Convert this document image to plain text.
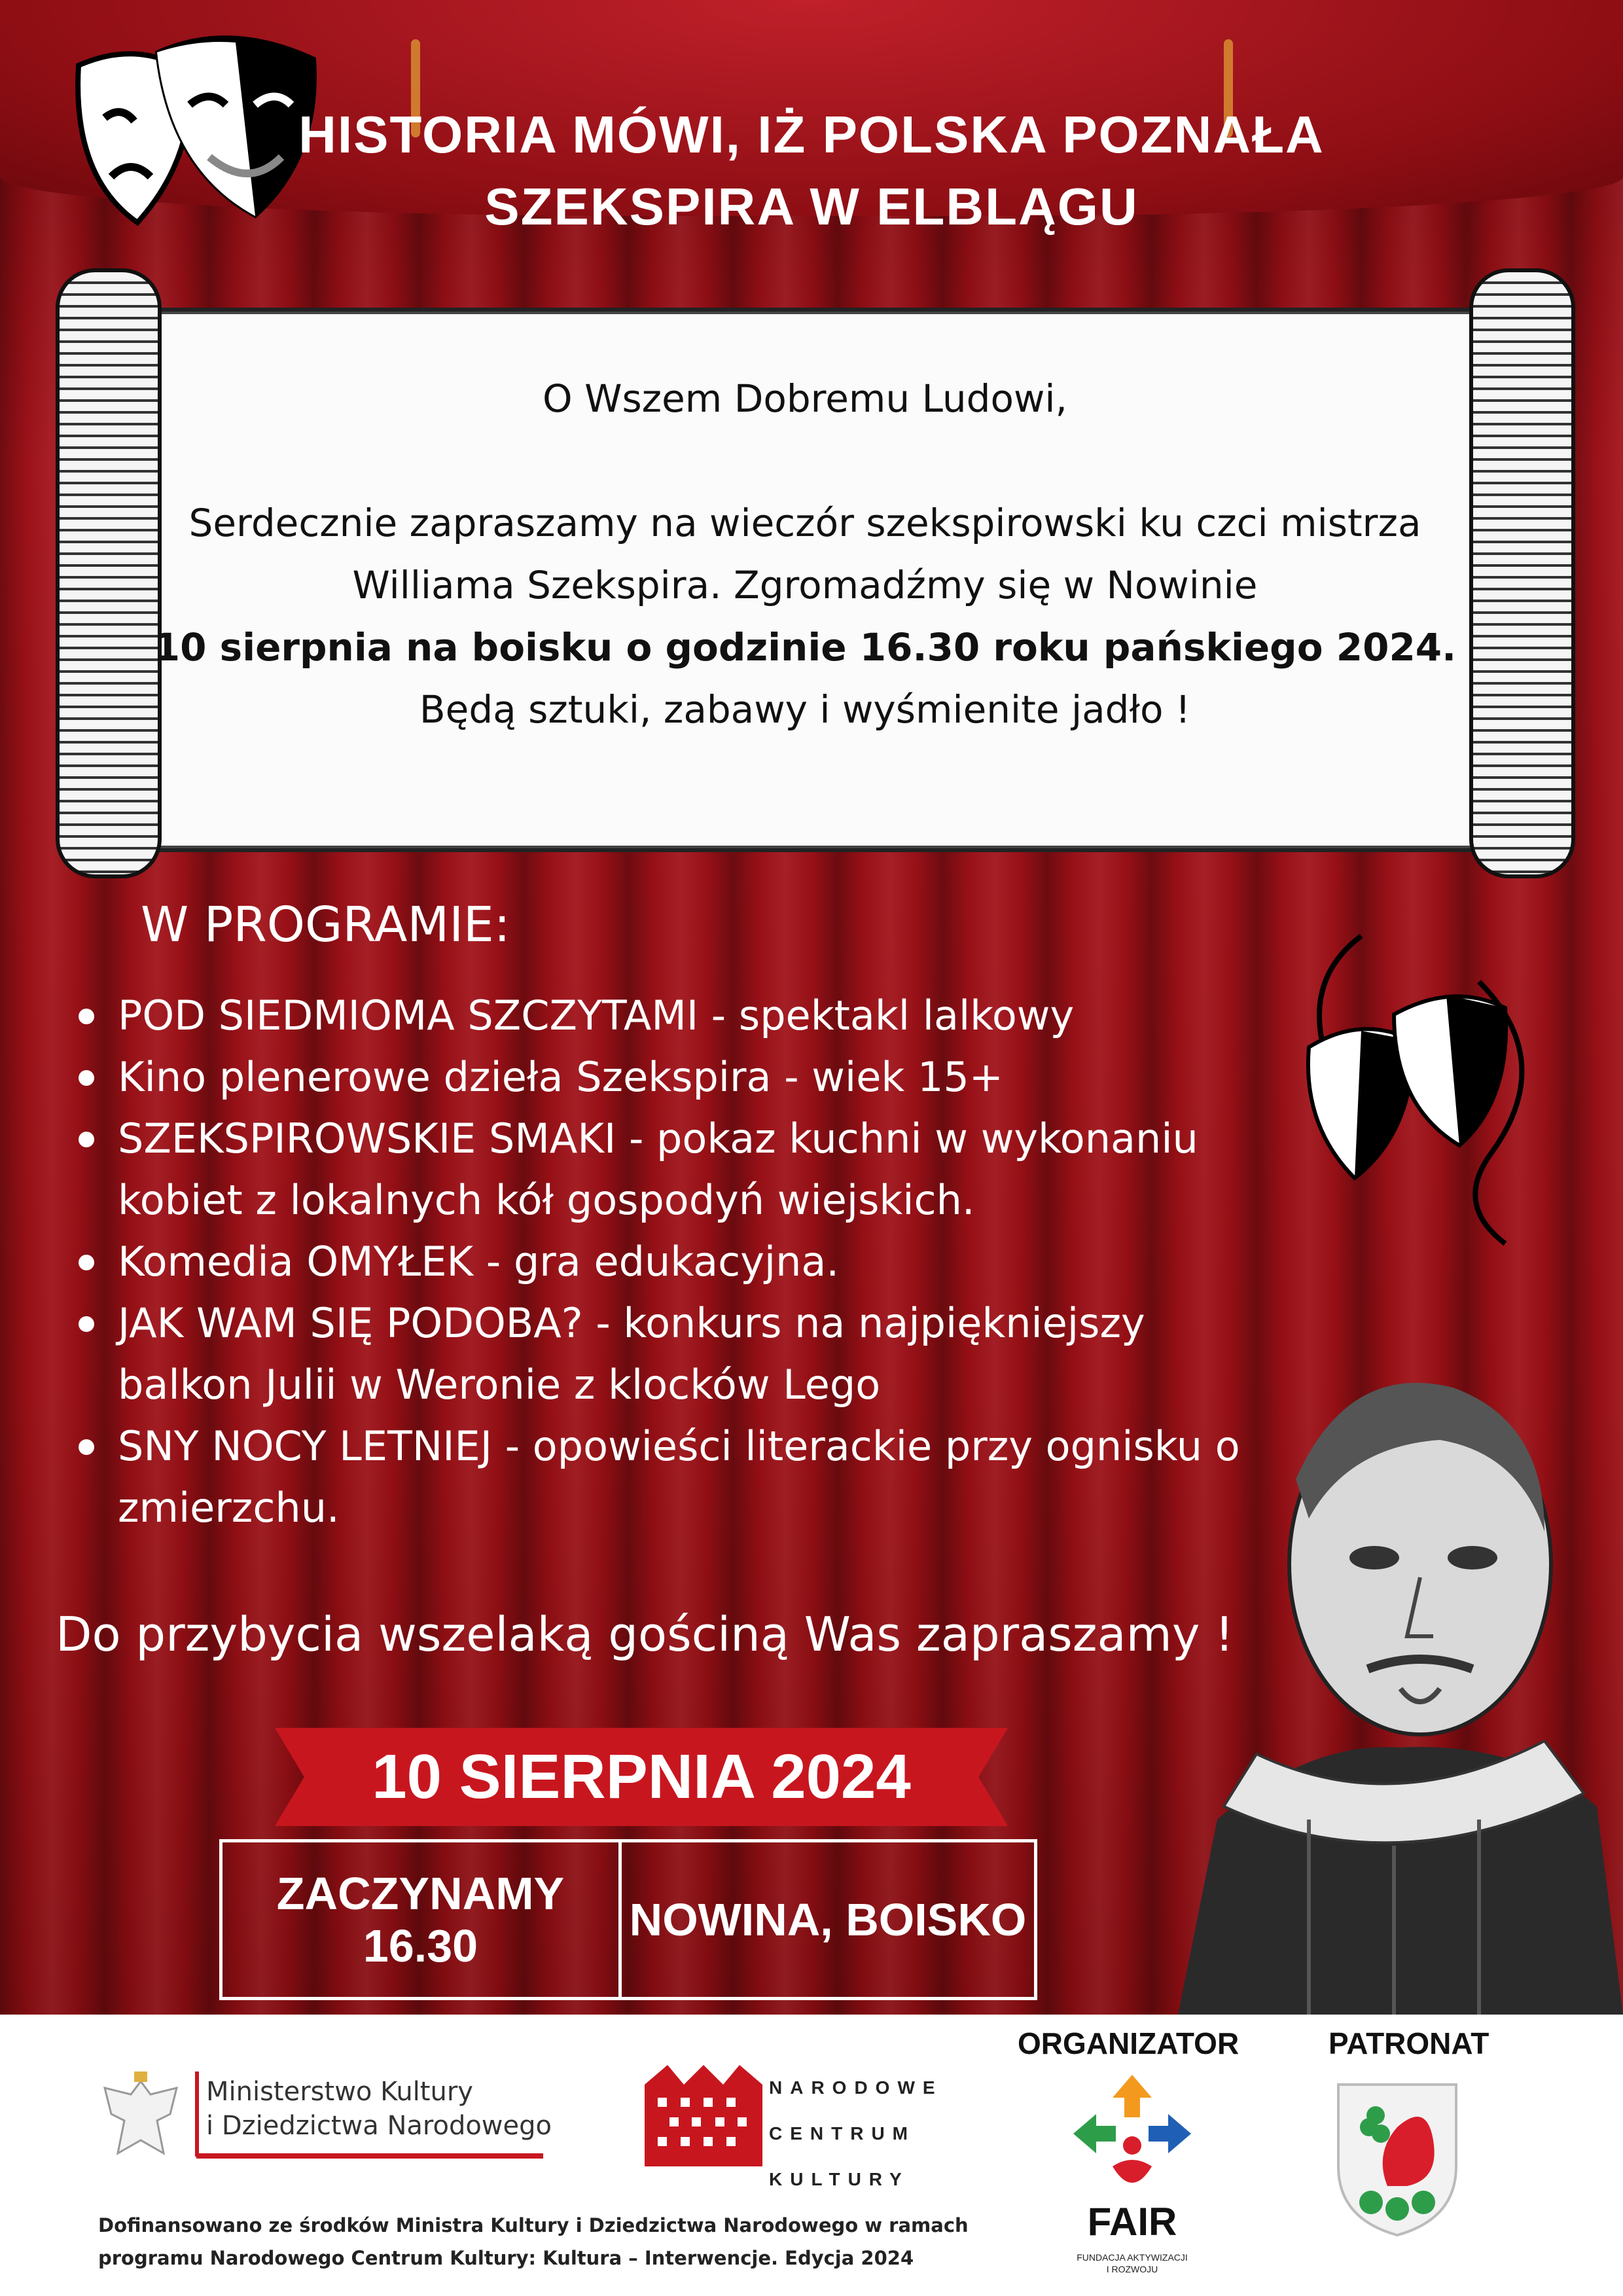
HISTORIA MÓWI, IŻ POLSKA POZNAŁA
SZEKSPIRA W ELBLĄGU
O Wszem Dobremu Ludowi,
Serdecznie zapraszamy na wieczór szekspirowski ku czci mistrza
Williama Szekspira. Zgromadźmy się w Nowinie
10 sierpnia na boisku o godzinie 16.30 roku pańskiego 2024.
Będą sztuki, zabawy i wyśmienite jadło !
W PROGRAMIE:
POD SIEDMIOMA SZCZYTAMI - spektakl lalkowy
Kino plenerowe dzieła Szekspira - wiek 15+
SZEKSPIROWSKIE SMAKI - pokaz kuchni w wykonaniu
kobiet z lokalnych kół gospodyń wiejskich.
Komedia OMYŁEK - gra edukacyjna.
JAK WAM SIĘ PODOBA? - konkurs na najpiękniejszy
balkon Julii w Weronie z klocków Lego
SNY NOCY LETNIEJ - opowieści literackie przy ognisku o
zmierzchu.
Do przybycia wszelaką gościną Was zapraszamy !
10 SIERPNIA 2024
ZACZYNAMY
16.30
NOWINA, BOISKO
Ministerstwo Kultury
i Dziedzictwa Narodowego
NARODOWE
CENTRUM
KULTURY
ORGANIZATOR
FAIR
FUNDACJA AKTYWIZACJI
I ROZWOJU
PATRONAT
Dofinansowano ze środków Ministra Kultury i Dziedzictwa Narodowego w ramach
programu Narodowego Centrum Kultury: Kultura – Interwencje. Edycja 2024
